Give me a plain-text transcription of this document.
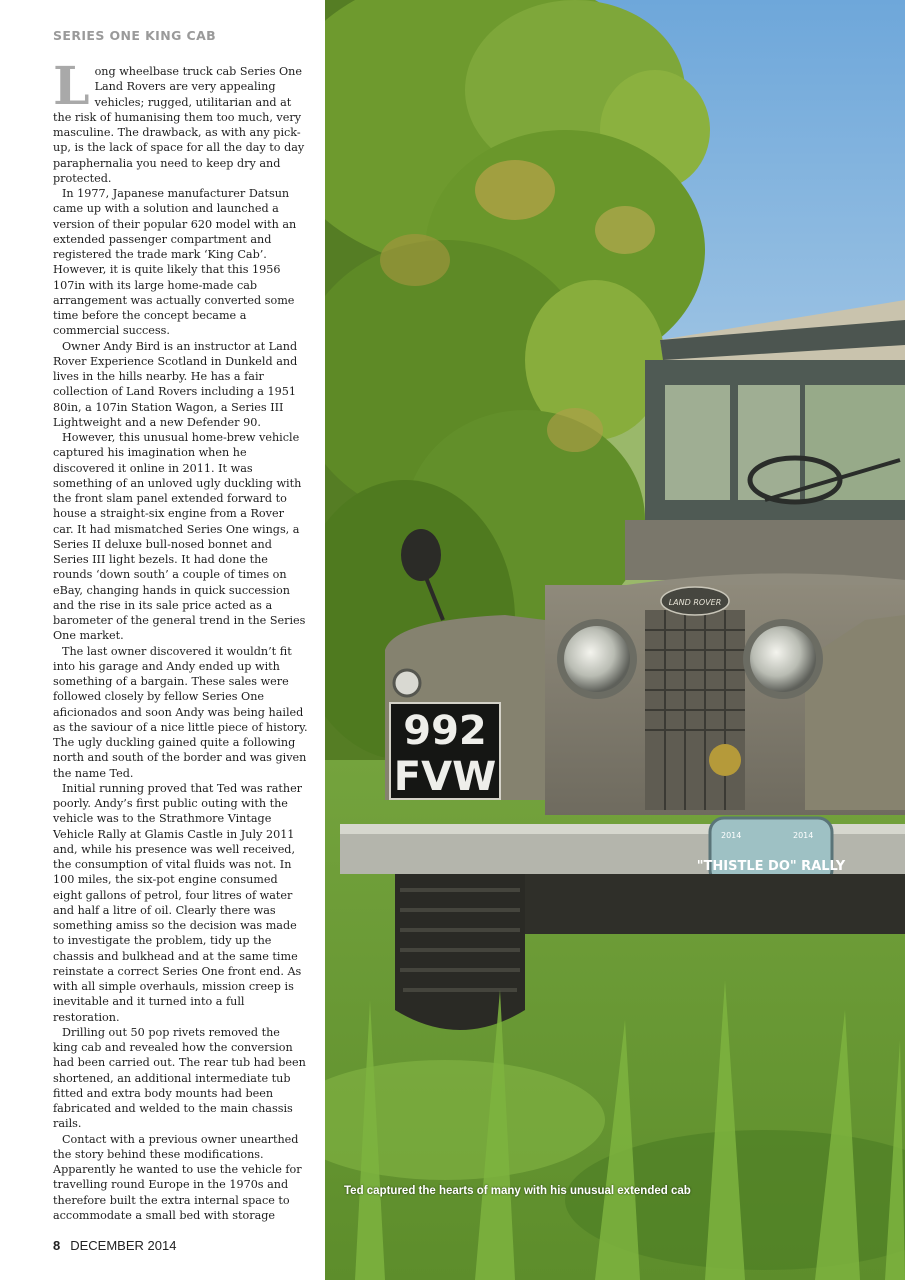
SERIES ONE KING CAB

Long wheelbase truck cab Series One Land Rovers are very appealing vehicles; rugged, utilitarian and at the risk of humanising them too much, very masculine. The drawback, as with any pick-up, is the lack of space for all the day to day paraphernalia you need to keep dry and protected.

In 1977, Japanese manufacturer Datsun came up with a solution and launched a version of their popular 620 model with an extended passenger compartment and registered the trade mark ‘King Cab’. However, it is quite likely that this 1956 107in with its large home-made cab arrangement was actually converted some time before the concept became a commercial success.

Owner Andy Bird is an instructor at Land Rover Experience Scotland in Dunkeld and lives in the hills nearby. He has a fair collection of Land Rovers including a 1951 80in, a 107in Station Wagon, a Series III Lightweight and a new Defender 90.

However, this unusual home-brew vehicle captured his imagination when he discovered it online in 2011. It was something of an unloved ugly duckling with the front slam panel extended forward to house a straight-six engine from a Rover car. It had mismatched Series One wings, a Series II deluxe bull-nosed bonnet and Series III light bezels. It had done the rounds ‘down south’ a couple of times on eBay, changing hands in quick succession and the rise in its sale price acted as a barometer of the general trend in the Series One market.

The last owner discovered it wouldn’t fit into his garage and Andy ended up with something of a bargain. These sales were followed closely by fellow Series One aficionados and soon Andy was being hailed as the saviour of a nice little piece of history. The ugly duckling gained quite a following north and south of the border and was given the name Ted.

Initial running proved that Ted was rather poorly. Andy’s first public outing with the vehicle was to the Strathmore Vintage Vehicle Rally at Glamis Castle in July 2011 and, while his presence was well received, the consumption of vital fluids was not. In 100 miles, the six-pot engine consumed eight gallons of petrol, four litres of water and half a litre of oil. Clearly there was something amiss so the decision was made to investigate the problem, tidy up the chassis and bulkhead and at the same time reinstate a correct Series One front end. As with all simple overhauls, mission creep is inevitable and it turned into a full restoration.

Drilling out 50 pop rivets removed the king cab and revealed how the conversion had been carried out. The rear tub had been shortened, an additional intermediate tub fitted and extra body mounts had been fabricated and welded to the main chassis rails.

Contact with a previous owner unearthed the story behind these modifications. Apparently he wanted to use the vehicle for travelling round Europe in the 1970s and therefore built the extra internal space to accommodate a small bed with storage

8 DECEMBER 2014
LAND ROVER
992
FVW
2014	2014
"THISTLE DO" RALLY
Ted captured the hearts of many with his unusual extended cab
